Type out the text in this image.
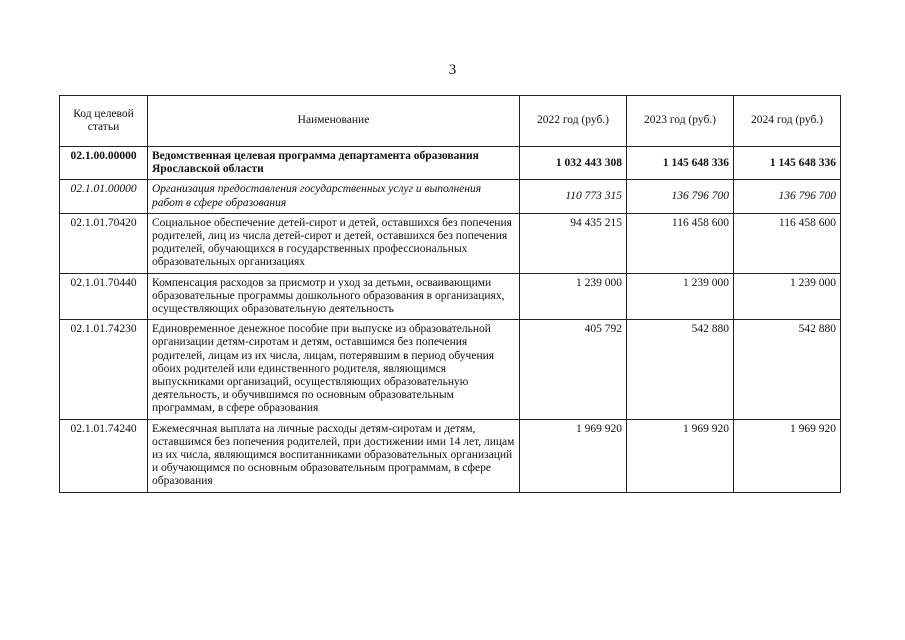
3
Код целевой статьи	Наименование	2022 год (руб.)	2023 год (руб.)	2024 год (руб.)
02.1.00.00000	Ведомственная целевая программа департамента образования Ярославской области	1 032 443 308	1 145 648 336	1 145 648 336
02.1.01.00000	Организация предоставления государственных услуг и выполнения работ в сфере образования	110 773 315	136 796 700	136 796 700
02.1.01.70420	Социальное обеспечение детей-сирот и детей, оставшихся без попечения родителей, лиц из числа детей-сирот и детей, оставшихся без попечения родителей, обучающихся в государственных профессиональных образовательных организациях	94 435 215	116 458 600	116 458 600
02.1.01.70440	Компенсация расходов за присмотр и уход за детьми, осваивающими образовательные программы дошкольного образования в организациях, осуществляющих образовательную деятельность	1 239 000	1 239 000	1 239 000
02.1.01.74230	Единовременное денежное пособие при выпуске из образовательной организации детям-сиротам и детям, оставшимся без попечения родителей, лицам из их числа, лицам, потерявшим в период обучения обоих родителей или единственного родителя, являющимся выпускниками организаций, осуществляющих образовательную деятельность, и обучившимся по основным образовательным программам, в сфере образования	405 792	542 880	542 880
02.1.01.74240	Ежемесячная выплата на личные расходы детям-сиротам и детям, оставшимся без попечения родителей, при достижении ими 14 лет, лицам из их числа, являющимся воспитанниками образовательных организаций и обучающимся по основным образовательным программам, в сфере образования	1 969 920	1 969 920	1 969 920
